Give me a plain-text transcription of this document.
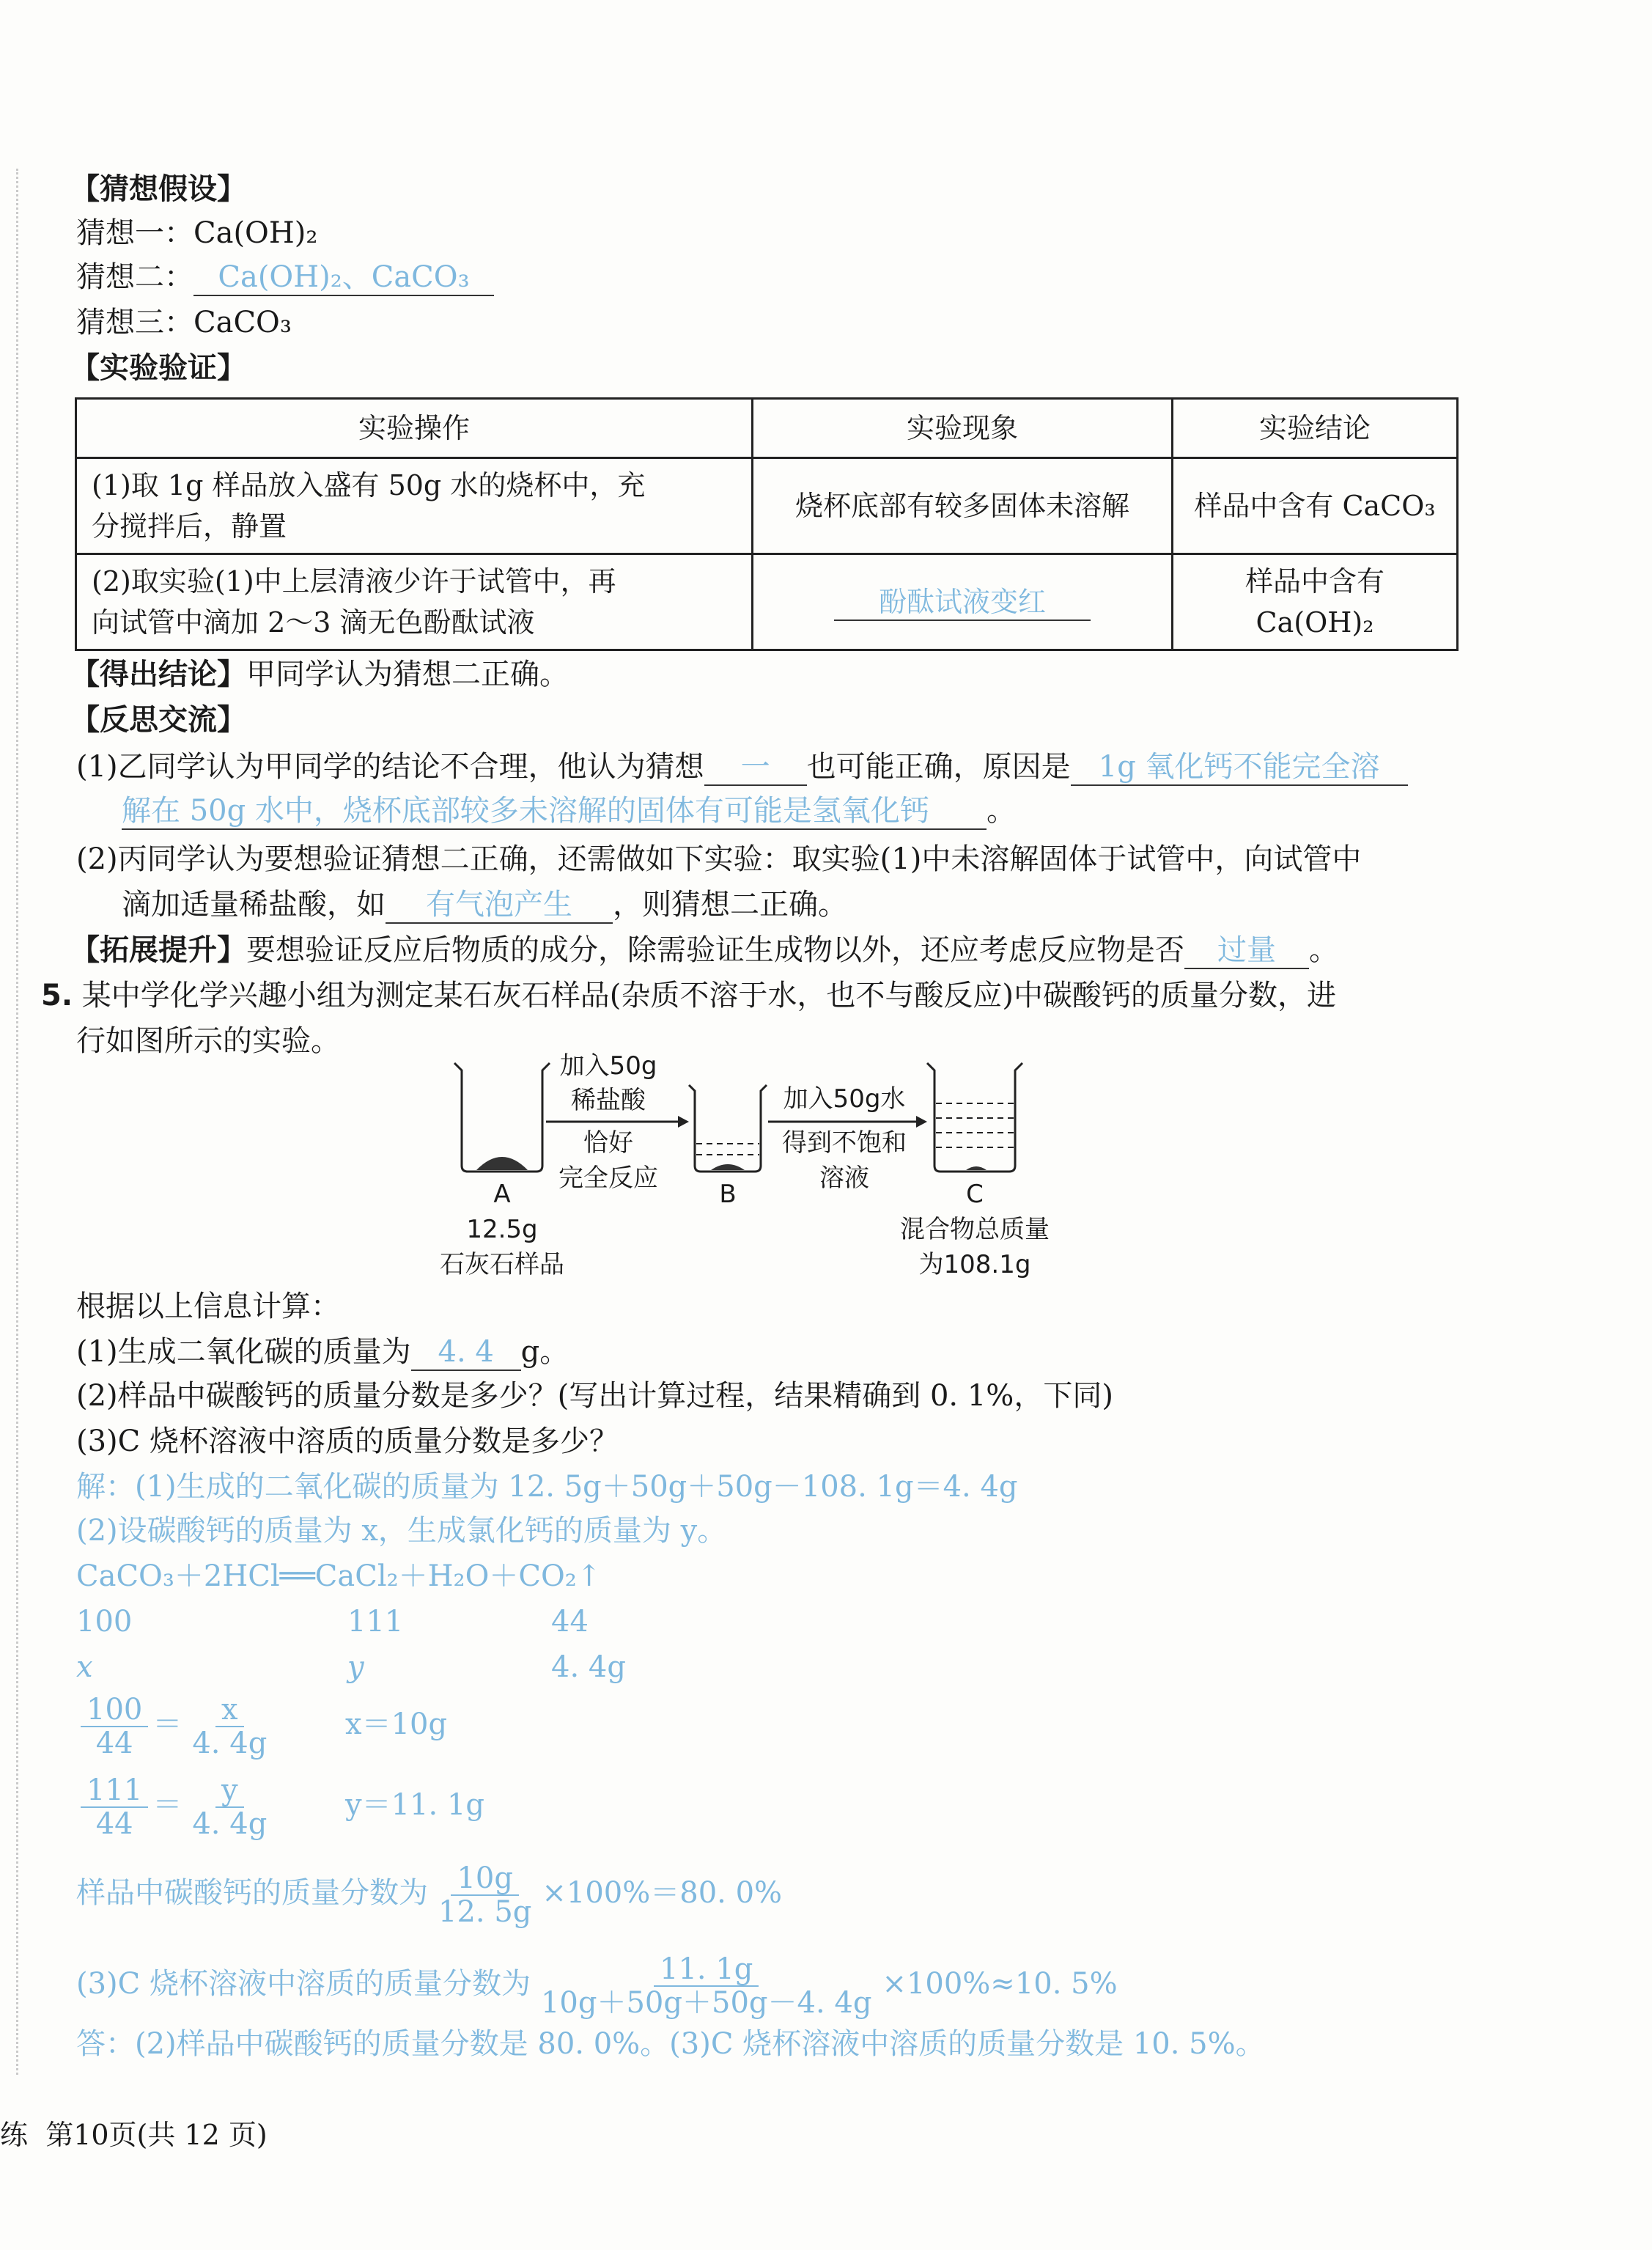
【猜想假设】
猜想一：Ca(OH)₂
猜想二： Ca(OH)₂、CaCO₃
猜想三：CaCO₃
【实验验证】
实验操作	实验现象	实验结论

(1)取 1g 样品放入盛有 50g 水的烧杯中，充
分搅拌后，静置	烧杯底部有较多固体未溶解	样品中含有 CaCO₃

(2)取实验(1)中上层清液少许于试管中，再
向试管中滴加 2～3 滴无色酚酞试液	酚酞试液变红	样品中含有 Ca(OH)₂
【得出结论】甲同学认为猜想二正确。
【反思交流】
(1)乙同学认为甲同学的结论不合理，他认为猜想 一 也可能正确，原因是 1g 氧化钙不能完全溶
解在 50g 水中，烧杯底部较多未溶解的固体有可能是氢氧化钙 。
(2)丙同学认为要想验证猜想二正确，还需做如下实验：取实验(1)中未溶解固体于试管中，向试管中
滴加适量稀盐酸，如 有气泡产生 ，则猜想二正确。
【拓展提升】要想验证反应后物质的成分，除需验证生成物以外，还应考虑反应物是否 过量 。
5. 某中学化学兴趣小组为测定某石灰石样品(杂质不溶于水，也不与酸反应)中碳酸钙的质量分数，进
行如图所示的实验。
加入50g
稀盐酸
恰好
完全反应
加入50g水
得到不饱和
溶液
A
12.5g
石灰石样品
B	C
混合物总质量
为108.1g
根据以上信息计算：
(1)生成二氧化碳的质量为 4. 4 g。
(2)样品中碳酸钙的质量分数是多少？(写出计算过程，结果精确到 0. 1%，下同)
(3)C 烧杯溶液中溶质的质量分数是多少？
解：(1)生成的二氧化碳的质量为 12. 5g＋50g＋50g－108. 1g＝4. 4g
(2)设碳酸钙的质量为 x，生成氯化钙的质量为 y。
CaCO₃＋2HCl══CaCl₂＋H₂O＋CO₂↑
100	111	44
x	y	4. 4g
$\frac{100}{44} = \frac{x}{4. 4g} x=10g$
$\frac{111}{44} = \frac{y}{4. 4g} y=11$. 1g
样品中碳酸钙的质量分数为 $\frac{10g}{12. 5g} \times 100\%=80$. 0%
(3)C 烧杯溶液中溶质的质量分数为 $\frac{11. 1g}{10g+50g+50g-4. 4g} \times 100\%\approx 10$. 5%
答：(2)样品中碳酸钙的质量分数是 80. 0%。(3)C 烧杯溶液中溶质的质量分数是 10. 5%。
练 第10页(共 12 页)
